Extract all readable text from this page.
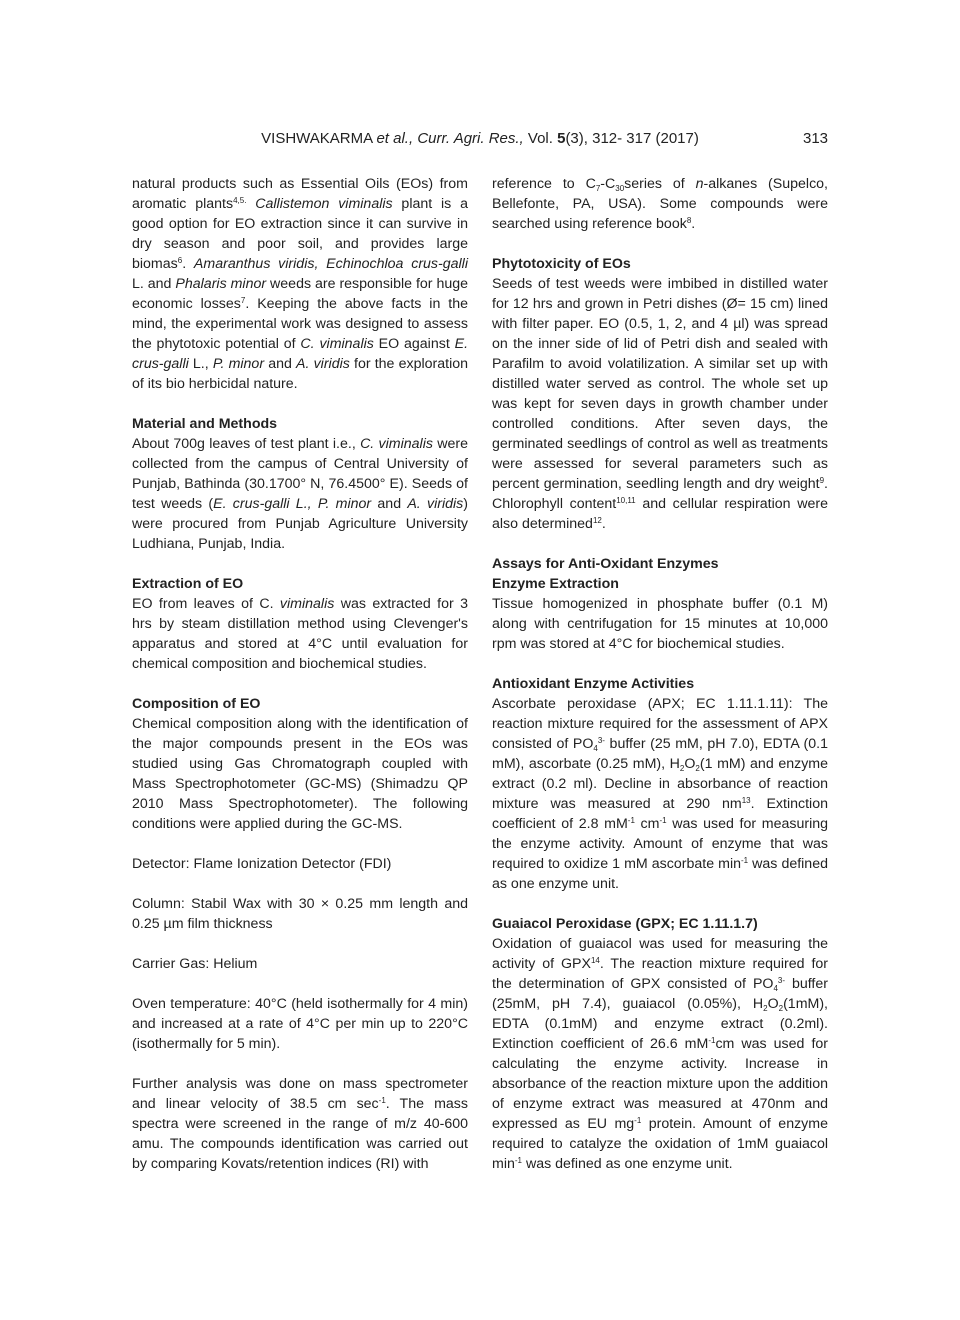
VISHWAKARMA et al., Curr. Agri. Res., Vol. 5(3), 312- 317 (2017)	313

natural products such as Essential Oils (EOs) from aromatic plants$^{4,5.}$ Callistemon viminalis plant is a good option for EO extraction since it can survive in dry season and poor soil, and provides large biomas$^6$. Amaranthus viridis, Echinochloa crus-galli L. and Phalaris minor weeds are responsible for huge economic losses$^7$. Keeping the above facts in the mind, the experimental work was designed to assess the phytotoxic potential of C. viminalis EO against E. crus-galli L., P. minor and A. viridis for the exploration of its bio herbicidal nature.

Material and Methods

About 700g leaves of test plant i.e., C. viminalis were collected from the campus of Central University of Punjab, Bathinda (30.1700° N, 76.4500° E). Seeds of test weeds (E. crus-galli L., P. minor and A. viridis) were procured from Punjab Agriculture University Ludhiana, Punjab, India.

Extraction of EO

EO from leaves of C. viminalis was extracted for 3 hrs by steam distillation method using Clevenger's apparatus and stored at 4°C until evaluation for chemical composition and biochemical studies.

Composition of EO

Chemical composition along with the identification of the major compounds present in the EOs was studied using Gas Chromatograph coupled with Mass Spectrophotometer (GC-MS) (Shimadzu QP 2010 Mass Spectrophotometer). The following conditions were applied during the GC-MS.

Detector: Flame Ionization Detector (FDI)

Column: Stabil Wax with 30 × 0.25 mm length and 0.25 µm film thickness

Carrier Gas: Helium

Oven temperature: 40°C (held isothermally for 4 min) and increased at a rate of 4°C per min up to 220°C (isothermally for 5 min).

Further analysis was done on mass spectrometer and linear velocity of 38.5 cm $\sec^{-1}$. The mass spectra were screened in the range of m/z 40-600 amu. The compounds identification was carried out by comparing Kovats/retention indices (RI) with

reference to $C_7-C_{30}series$ of n-alkanes (Supelco, Bellefonte, PA, USA). Some compounds were searched using reference book$^8$.

Phytotoxicity of EOs

Seeds of test weeds were imbibed in distilled water for 12 hrs and grown in Petri dishes (Ø= 15 cm) lined with filter paper. EO (0.5, 1, 2, and 4 µl) was spread on the inner side of lid of Petri dish and sealed with Parafilm to avoid volatilization. A similar set up with distilled water served as control. The whole set up was kept for seven days in growth chamber under controlled conditions. After seven days, the germinated seedlings of control as well as treatments were assessed for several parameters such as percent germination, seedling length and dry weight$^9$. Chlorophyll content$^{10,11}$ and cellular respiration were also determined$^{12}$.

Assays for Anti-Oxidant Enzymes
Enzyme Extraction

Tissue homogenized in phosphate buffer (0.1 M) along with centrifugation for 15 minutes at 10,000 rpm was stored at 4°C for biochemical studies.

Antioxidant Enzyme Activities

Ascorbate peroxidase (APX; EC 1.11.1.11): The reaction mixture required for the assessment of APX consisted of $PO_4^{3-}$ buffer (25 mM, pH 7.0), EDTA (0.1 mM), ascorbate (0.25 mM), $H_2O_2(1$ mM) and enzyme extract (0.2 ml). Decline in absorbance of reaction mixture was measured at 290 $nm^{13}$. Extinction coefficient of 2.8 $mM^{-1}$ $cm^{-1}$ was used for measuring the enzyme activity. Amount of enzyme that was required to oxidize 1 mM ascorbate $\min^{-1}$ was defined as one enzyme unit.

Guaiacol Peroxidase (GPX; EC 1.11.1.7)

Oxidation of guaiacol was used for measuring the activity of GPX$^{14}$. The reaction mixture required for the determination of GPX consisted of $PO_4^{3-}$ buffer (25mM, pH 7.4), guaiacol (0.05%), $H_2O_2(1mM)$, EDTA (0.1mM) and enzyme extract (0.2ml). Extinction coefficient of 26.6 $mM^{-1}cm$ was used for calculating the enzyme activity. Increase in absorbance of the reaction mixture upon the addition of enzyme extract was measured at 470nm and expressed as EU $mg^{-1}$ protein. Amount of enzyme required to catalyze the oxidation of 1mM guaiacol $\min^{-1}$ was defined as one enzyme unit.
